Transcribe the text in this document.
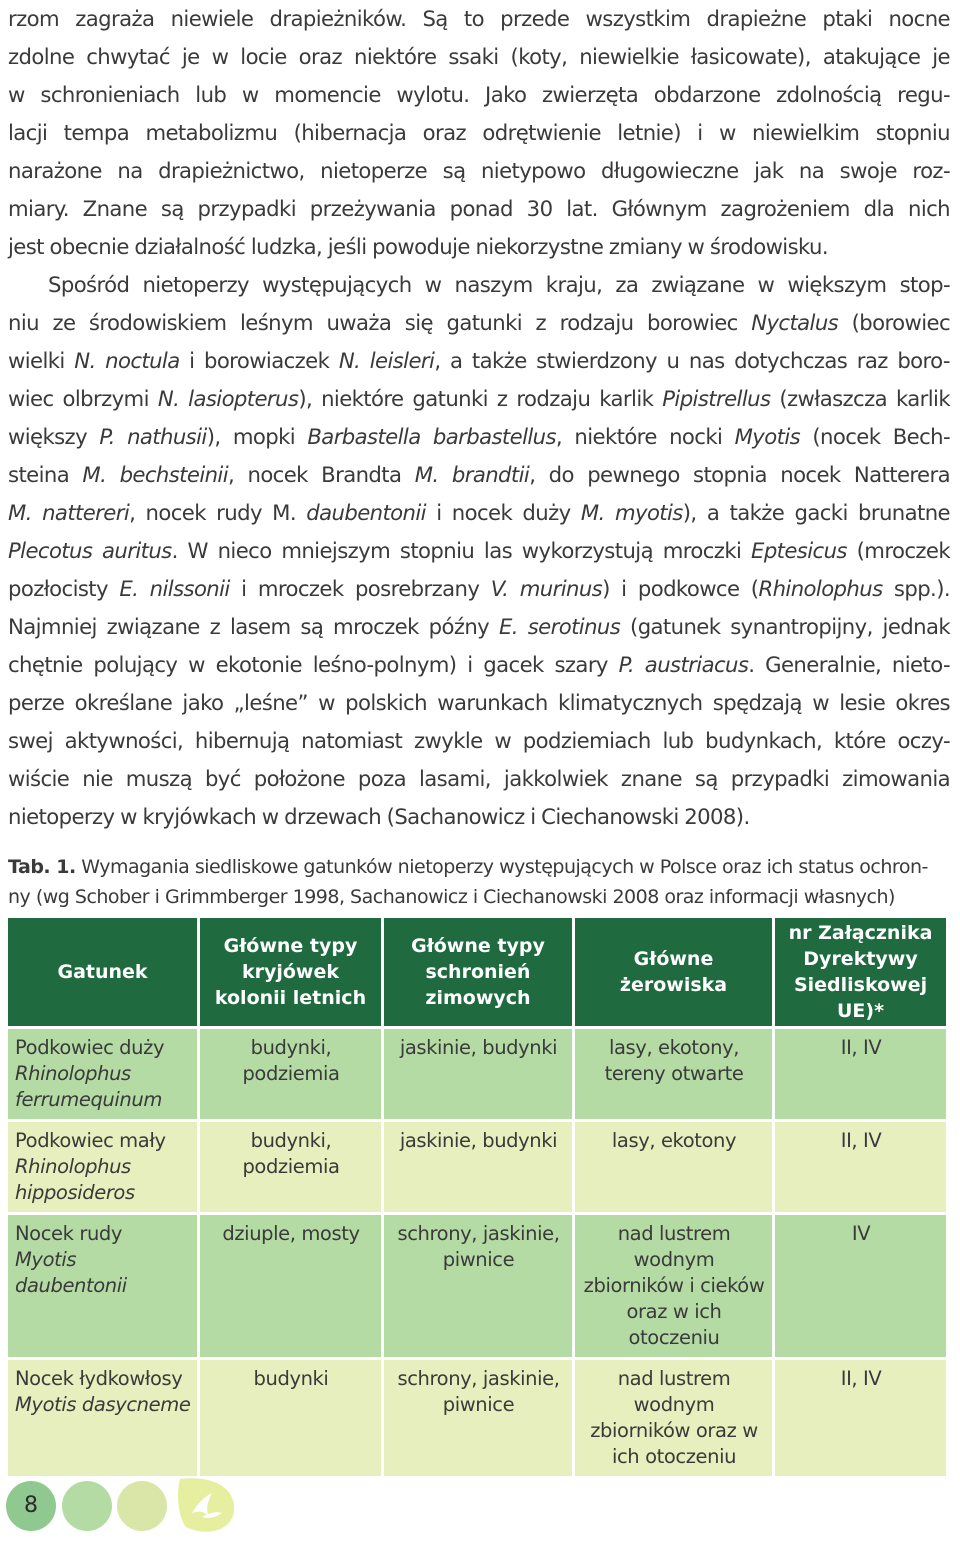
rzom zagraża niewiele drapieżników. Są to przede wszystkim drapieżne ptaki nocne
zdolne chwytać je w locie oraz niektóre ssaki (koty, niewielkie łasicowate), atakujące je
w schronieniach lub w momencie wylotu. Jako zwierzęta obdarzone zdolnością regu-
lacji tempa metabolizmu (hibernacja oraz odrętwienie letnie) i w niewielkim stopniu
narażone na drapieżnictwo, nietoperze są nietypowo długowieczne jak na swoje roz-
miary. Znane są przypadki przeżywania ponad 30 lat. Głównym zagrożeniem dla nich
jest obecnie działalność ludzka, jeśli powoduje niekorzystne zmiany w środowisku.

Spośród nietoperzy występujących w naszym kraju, za związane w większym stop-
niu ze środowiskiem leśnym uważa się gatunki z rodzaju borowiec Nyctalus (borowiec
wielki N. noctula i borowiaczek N. leisleri, a także stwierdzony u nas dotychczas raz boro-
wiec olbrzymi N. lasiopterus), niektóre gatunki z rodzaju karlik Pipistrellus (zwłaszcza karlik
większy P. nathusii), mopki Barbastella barbastellus, niektóre nocki Myotis (nocek Bech-
steina M. bechsteinii, nocek Brandta M. brandtii, do pewnego stopnia nocek Natterera
M. nattereri, nocek rudy M. daubentonii i nocek duży M. myotis), a także gacki brunatne
Plecotus auritus. W nieco mniejszym stopniu las wykorzystują mroczki Eptesicus (mroczek
pozłocisty E. nilssonii i mroczek posrebrzany V. murinus) i podkowce (Rhinolophus spp.).
Najmniej związane z lasem są mroczek późny E. serotinus (gatunek synantropijny, jednak
chętnie polujący w ekotonie leśno-polnym) i gacek szary P. austriacus. Generalnie, nieto-
perze określane jako „leśne” w polskich warunkach klimatycznych spędzają w lesie okres
swej aktywności, hibernują natomiast zwykle w podziemiach lub budynkach, które oczy-
wiście nie muszą być położone poza lasami, jakkolwiek znane są przypadki zimowania
nietoperzy w kryjówkach w drzewach (Sachanowicz i Ciechanowski 2008).

Tab. 1. Wymagania siedliskowe gatunków nietoperzy występujących w Polsce oraz ich status ochron-
ny (wg Schober i Grimmberger 1998, Sachanowicz i Ciechanowski 2008 oraz informacji własnych)
Gatunek	Główne typy kryjówek kolonii letnich	Główne typy schronień zimowych	Główne żerowiska	nr Załącznika Dyrektywy Siedliskowej UE)*
Podkowiec duży
Rhinolophus ferrumequinum	budynki, podziemia	jaskinie, budynki	lasy, ekotony, tereny otwarte	II, IV
Podkowiec mały
Rhinolophus hipposideros	budynki, podziemia	jaskinie, budynki	lasy, ekotony	II, IV
Nocek rudy
Myotis daubentonii	dziuple, mosty	schrony, jaskinie, piwnice	nad lustrem wodnym zbiorników i cieków oraz w ich otoczeniu	IV
Nocek łydkowłosy
Myotis dasycneme	budynki	schrony, jaskinie, piwnice	nad lustrem wodnym zbiorników oraz w ich otoczeniu	II, IV
8
